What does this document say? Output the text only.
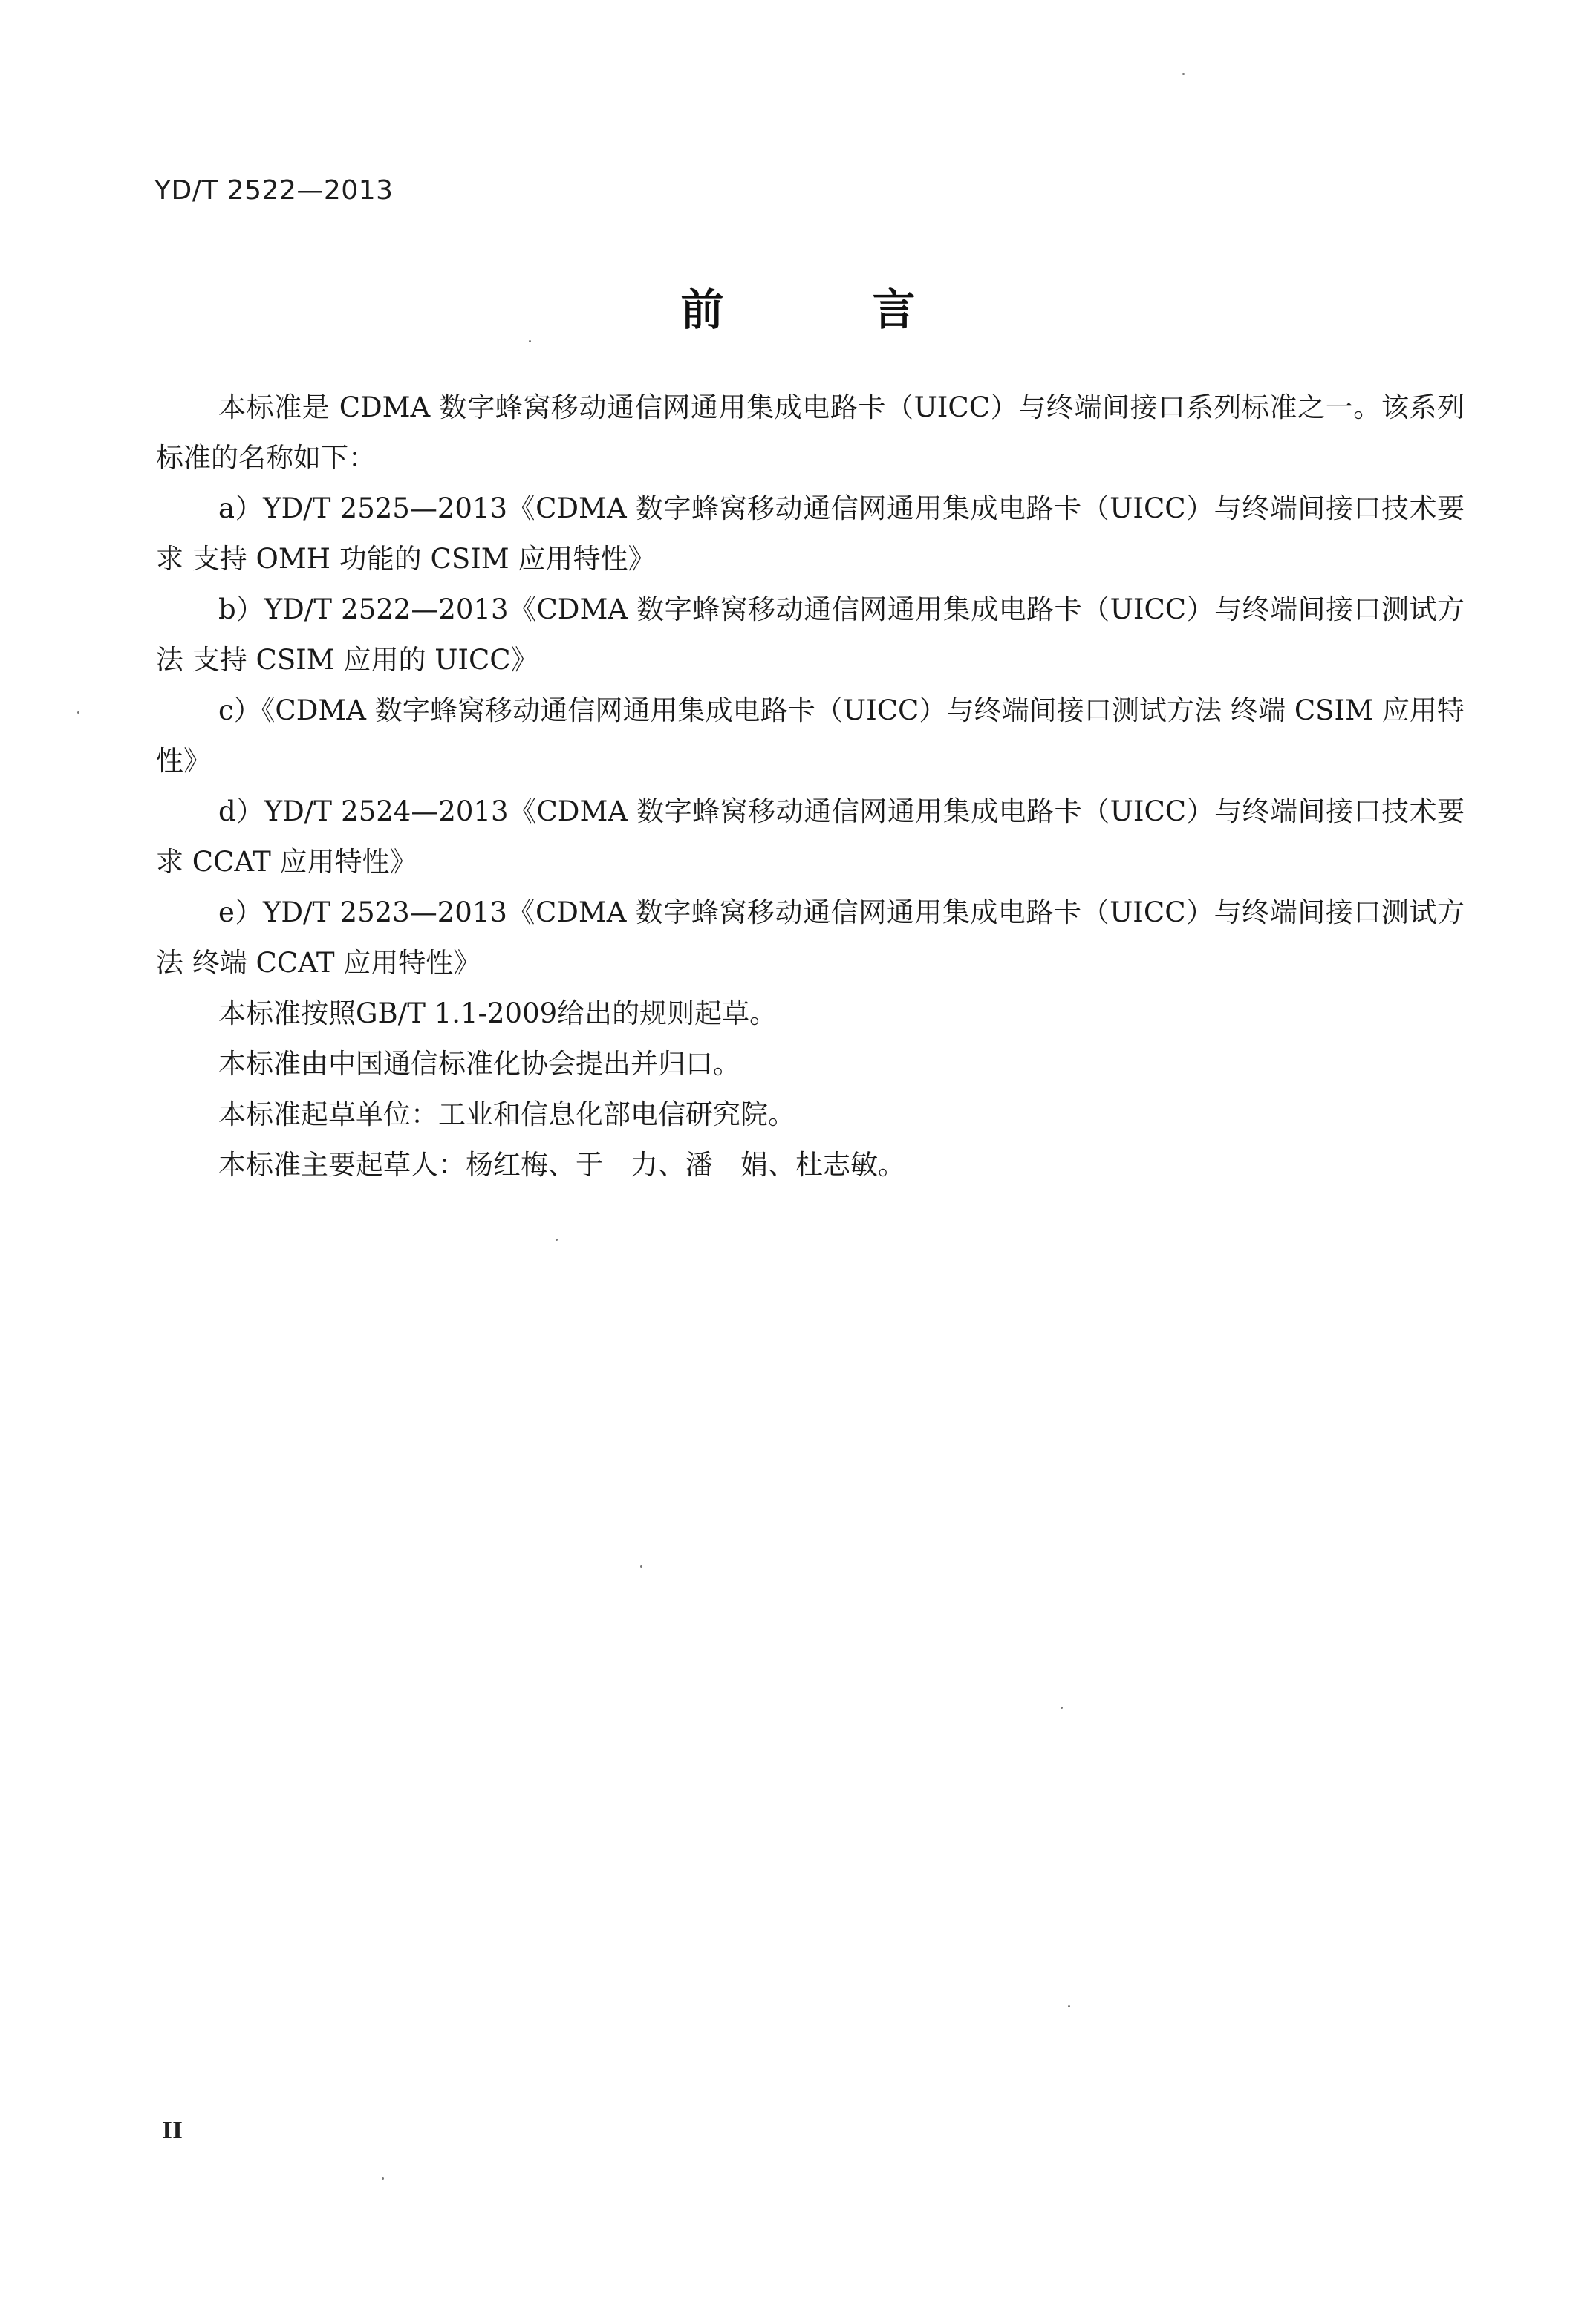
YD/T 2522—2013
前 言

本标准是 CDMA 数字蜂窝移动通信网通用集成电路卡（UICC）与终端间接口系列标准之一。该系列标准的名称如下：

a）YD/T 2525—2013《CDMA 数字蜂窝移动通信网通用集成电路卡（UICC）与终端间接口技术要求 支持 OMH 功能的 CSIM 应用特性》

b）YD/T 2522—2013《CDMA 数字蜂窝移动通信网通用集成电路卡（UICC）与终端间接口测试方法 支持 CSIM 应用的 UICC》

c）《CDMA 数字蜂窝移动通信网通用集成电路卡（UICC）与终端间接口测试方法 终端 CSIM 应用特性》

d）YD/T 2524—2013《CDMA 数字蜂窝移动通信网通用集成电路卡（UICC）与终端间接口技术要求 CCAT 应用特性》

e）YD/T 2523—2013《CDMA 数字蜂窝移动通信网通用集成电路卡（UICC）与终端间接口测试方法 终端 CCAT 应用特性》

本标准按照GB/T 1.1-2009给出的规则起草。

本标准由中国通信标准化协会提出并归口。

本标准起草单位：工业和信息化部电信研究院。

本标准主要起草人：杨红梅、于　力、潘　娟、杜志敏。

II
